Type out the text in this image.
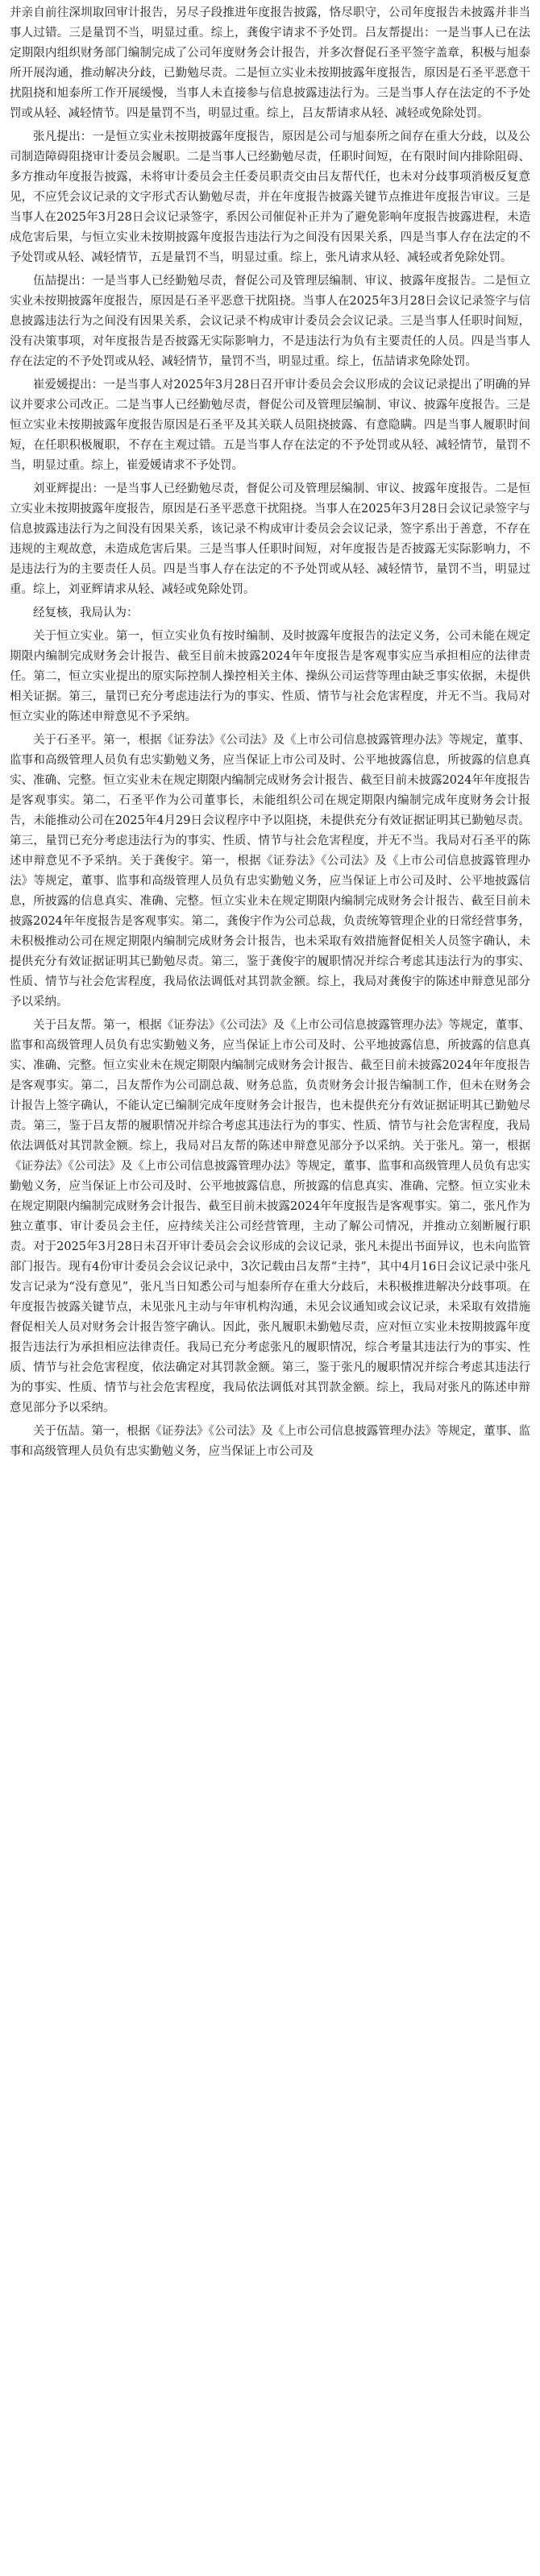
并亲自前往深圳取回审计报告，另尽子段推进年度报告披露，恪尽职守，公司年度报告未披露并非当事人过错。三是量罚不当，明显过重。综上，龚俊宇请求不予处罚。吕友帮提出：一是当事人已在法定期限内组织财务部门编制完成了公司年度财务会计报告，并多次督促石圣平签字盖章，积极与旭泰所开展沟通，推动解决分歧，已勤勉尽责。二是恒立实业未按期披露年度报告，原因是石圣平恶意干扰阻挠和旭泰所工作开展缓慢，当事人未直接参与信息披露违法行为。三是当事人存在法定的不予处罚或从轻、减轻情节。四是量罚不当，明显过重。综上，吕友帮请求从轻、减轻或免除处罚。

张凡提出：一是恒立实业未按期披露年度报告，原因是公司与旭泰所之间存在重大分歧，以及公司制造障碍阻挠审计委员会履职。二是当事人已经勤勉尽责，任职时间短，在有限时间内排除阻碍、多方推动年度报告披露，未将审计委员会主任委员职责交由吕友帮代任，也未对分歧事项消极反复意见，不应凭会议记录的文字形式否认勤勉尽责，并在年度报告披露关键节点推进年度报告审议。三是当事人在2025年3月28日会议记录签字，系因公司催促补正并为了避免影响年度报告披露进程，未造成危害后果，与恒立实业未按期披露年度报告违法行为之间没有因果关系，四是当事人存在法定的不予处罚或从轻、减轻情节，五是量罚不当，明显过重。综上，张凡请求从轻、减轻或者免除处罚。

伍喆提出：一是当事人已经勤勉尽责，督促公司及管理层编制、审议、披露年度报告。二是恒立实业未按期披露年度报告，原因是石圣平恶意干扰阻挠。当事人在2025年3月28日会议记录签字与信息披露违法行为之间没有因果关系，会议记录不构成审计委员会会议记录。三是当事人任职时间短，没有决策事项，对年度报告是否披露无实际影响力，不是违法行为负有主要责任的人员。四是当事人存在法定的不予处罚或从轻、减轻情节，量罚不当，明显过重。综上，伍喆请求免除处罚。

崔爱媛提出：一是当事人对2025年3月28日召开审计委员会会议形成的会议记录提出了明确的异议并要求公司改正。二是当事人已经勤勉尽责，督促公司及管理层编制、审议、披露年度报告。三是恒立实业未按期披露年度报告原因是石圣平及其关联人员阻挠披露、有意隐瞒。四是当事人履职时间短，在任职积极履职，不存在主观过错。五是当事人存在法定的不予处罚或从轻、减轻情节，量罚不当，明显过重。综上，崔爱媛请求不予处罚。

刘亚辉提出：一是当事人已经勤勉尽责，督促公司及管理层编制、审议、披露年度报告。二是恒立实业未按期披露年度报告，原因是石圣平恶意干扰阻挠。当事人在2025年3月28日会议记录签字与信息披露违法行为之间没有因果关系，该记录不构成审计委员会会议记录，签字系出于善意，不存在违规的主观故意，未造成危害后果。三是当事人任职时间短，对年度报告是否披露无实际影响力，不是违法行为的主要责任人员。四是当事人存在法定的不予处罚或从轻、减轻情节，量罚不当，明显过重。综上，刘亚辉请求从轻、减轻或免除处罚。

经复核，我局认为：

关于恒立实业。第一，恒立实业负有按时编制、及时披露年度报告的法定义务，公司未能在规定期限内编制完成财务会计报告、截至目前未披露2024年年度报告是客观事实应当承担相应的法律责任。第二，恒立实业提出的原实际控制人操控相关主体、操纵公司运营等理由缺乏事实依据，未提供相关证据。第三，量罚已充分考虑违法行为的事实、性质、情节与社会危害程度，并无不当。我局对恒立实业的陈述申辩意见不予采纳。

关于石圣平。第一，根据《证券法》《公司法》及《上市公司信息披露管理办法》等规定，董事、监事和高级管理人员负有忠实勤勉义务，应当保证上市公司及时、公平地披露信息，所披露的信息真实、准确、完整。恒立实业未在规定期限内编制完成财务会计报告、截至目前未披露2024年年度报告是客观事实。第二，石圣平作为公司董事长，未能组织公司在规定期限内编制完成年度财务会计报告，未能推动公司在2025年4月29日会议程序中予以阻挠，未提供充分有效证据证明其已勤勉尽责。第三，量罚已充分考虑违法行为的事实、性质、情节与社会危害程度，并无不当。我局对石圣平的陈述申辩意见不予采纳。关于龚俊宇。第一，根据《证券法》《公司法》及《上市公司信息披露管理办法》等规定，董事、监事和高级管理人员负有忠实勤勉义务，应当保证上市公司及时、公平地披露信息，所披露的信息真实、准确、完整。恒立实业未在规定期限内编制完成财务会计报告、截至目前未披露2024年年度报告是客观事实。第二，龚俊宇作为公司总裁，负责统筹管理企业的日常经营事务，未积极推动公司在规定期限内编制完成财务会计报告，也未采取有效措施督促相关人员签字确认，未提供充分有效证据证明其已勤勉尽责。第三，鉴于龚俊宇的履职情况并综合考虑其违法行为的事实、性质、情节与社会危害程度，我局依法调低对其罚款金额。综上，我局对龚俊宇的陈述申辩意见部分予以采纳。

关于吕友帮。第一，根据《证券法》《公司法》及《上市公司信息披露管理办法》等规定，董事、监事和高级管理人员负有忠实勤勉义务，应当保证上市公司及时、公平地披露信息，所披露的信息真实、准确、完整。恒立实业未在规定期限内编制完成财务会计报告、截至目前未披露2024年年度报告是客观事实。第二，吕友帮作为公司副总裁、财务总监，负责财务会计报告编制工作，但未在财务会计报告上签字确认，不能认定已编制完成年度财务会计报告，也未提供充分有效证据证明其已勤勉尽责。第三，鉴于吕友帮的履职情况并综合考虑其违法行为的事实、性质、情节与社会危害程度，我局依法调低对其罚款金额。综上，我局对吕友帮的陈述申辩意见部分予以采纳。关于张凡。第一，根据《证券法》《公司法》及《上市公司信息披露管理办法》等规定，董事、监事和高级管理人员负有忠实勤勉义务，应当保证上市公司及时、公平地披露信息，所披露的信息真实、准确、完整。恒立实业未在规定期限内编制完成财务会计报告、截至目前未披露2024年年度报告是客观事实。第二，张凡作为独立董事、审计委员会主任，应持续关注公司经营管理，主动了解公司情况，并推动立刻断履行职责。对于2025年3月28日未召开审计委员会会议形成的会议记录，张凡未提出书面异议，也未向监管部门报告。现有4份审计委员会会议记录中，3次记载由吕友帮“主持”，其中4月16日会议记录中张凡发言记录为“没有意见”，张凡当日知悉公司与旭泰所存在重大分歧后，未积极推进解决分歧事项。在年度报告披露关键节点，未见张凡主动与年审机构沟通，未见会议通知或会议记录，未采取有效措施督促相关人员对财务会计报告签字确认。因此，张凡履职未勤勉尽责，应对恒立实业未按期披露年度报告违法行为承担相应法律责任。我局已充分考虑张凡的履职情况，综合考量其违法行为的事实、性质、情节与社会危害程度，依法确定对其罚款金额。第三，鉴于张凡的履职情况并综合考虑其违法行为的事实、性质、情节与社会危害程度，我局依法调低对其罚款金额。综上，我局对张凡的陈述申辩意见部分予以采纳。

关于伍喆。第一，根据《证券法》《公司法》及《上市公司信息披露管理办法》等规定，董事、监事和高级管理人员负有忠实勤勉义务，应当保证上市公司及
